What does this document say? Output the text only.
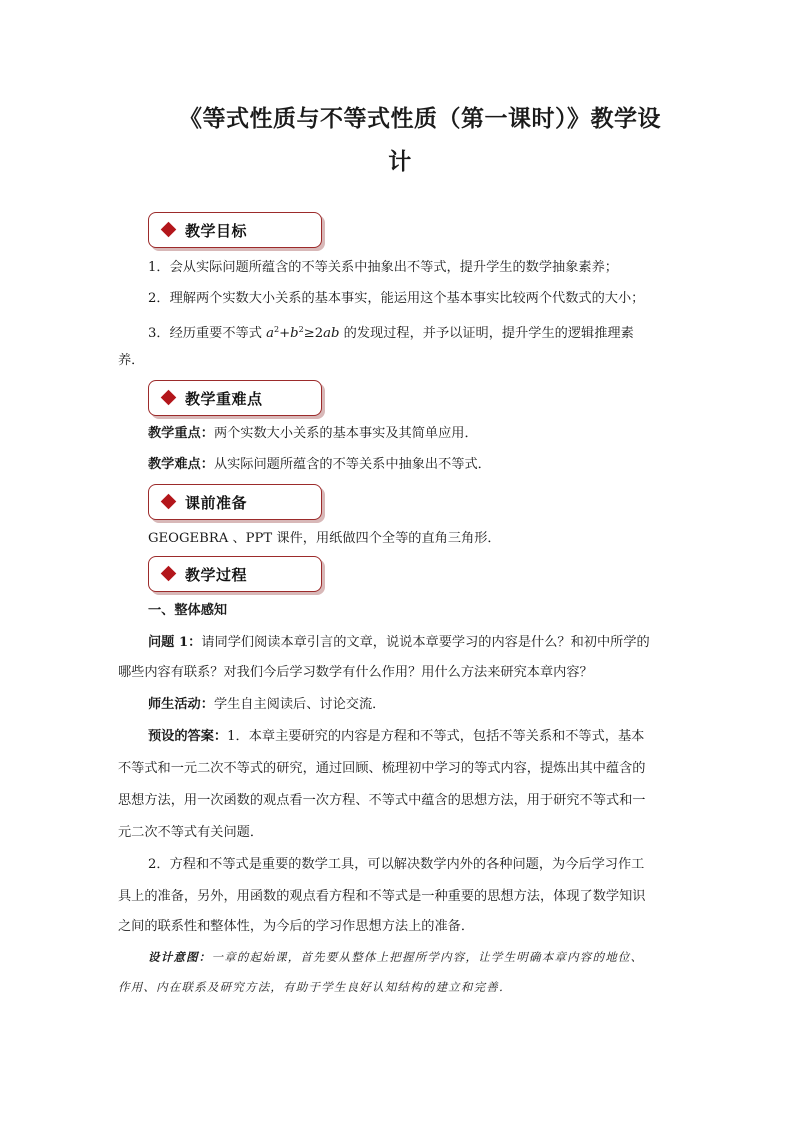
《等式性质与不等式性质（第一课时）》教学设
计
教学目标
1．会从实际问题所蕴含的不等关系中抽象出不等式，提升学生的数学抽象素养；
2．理解两个实数大小关系的基本事实，能运用这个基本事实比较两个代数式的大小；
3．经历重要不等式 $a^2+b^2\ge 2ab$ 的发现过程，并予以证明，提升学生的逻辑推理素
养．
教学重难点
教学重点：两个实数大小关系的基本事实及其简单应用．
教学难点：从实际问题所蕴含的不等关系中抽象出不等式．
课前准备
GEOGEBRA 、PPT 课件，用纸做四个全等的直角三角形．
教学过程
一、整体感知
问题 1：请同学们阅读本章引言的文章，说说本章要学习的内容是什么？和初中所学的
哪些内容有联系？对我们今后学习数学有什么作用？用什么方法来研究本章内容？
师生活动：学生自主阅读后、讨论交流．
预设的答案：1．本章主要研究的内容是方程和不等式，包括不等关系和不等式，基本
不等式和一元二次不等式的研究，通过回顾、梳理初中学习的等式内容，提炼出其中蕴含的
思想方法，用一次函数的观点看一次方程、不等式中蕴含的思想方法，用于研究不等式和一
元二次不等式有关问题．
2．方程和不等式是重要的数学工具，可以解决数学内外的各种问题，为今后学习作工
具上的准备，另外，用函数的观点看方程和不等式是一种重要的思想方法，体现了数学知识
之间的联系性和整体性，为今后的学习作思想方法上的准备．
设计意图：一章的起始课，首先要从整体上把握所学内容，让学生明确本章内容的地位、
作用、内在联系及研究方法，有助于学生良好认知结构的建立和完善．
